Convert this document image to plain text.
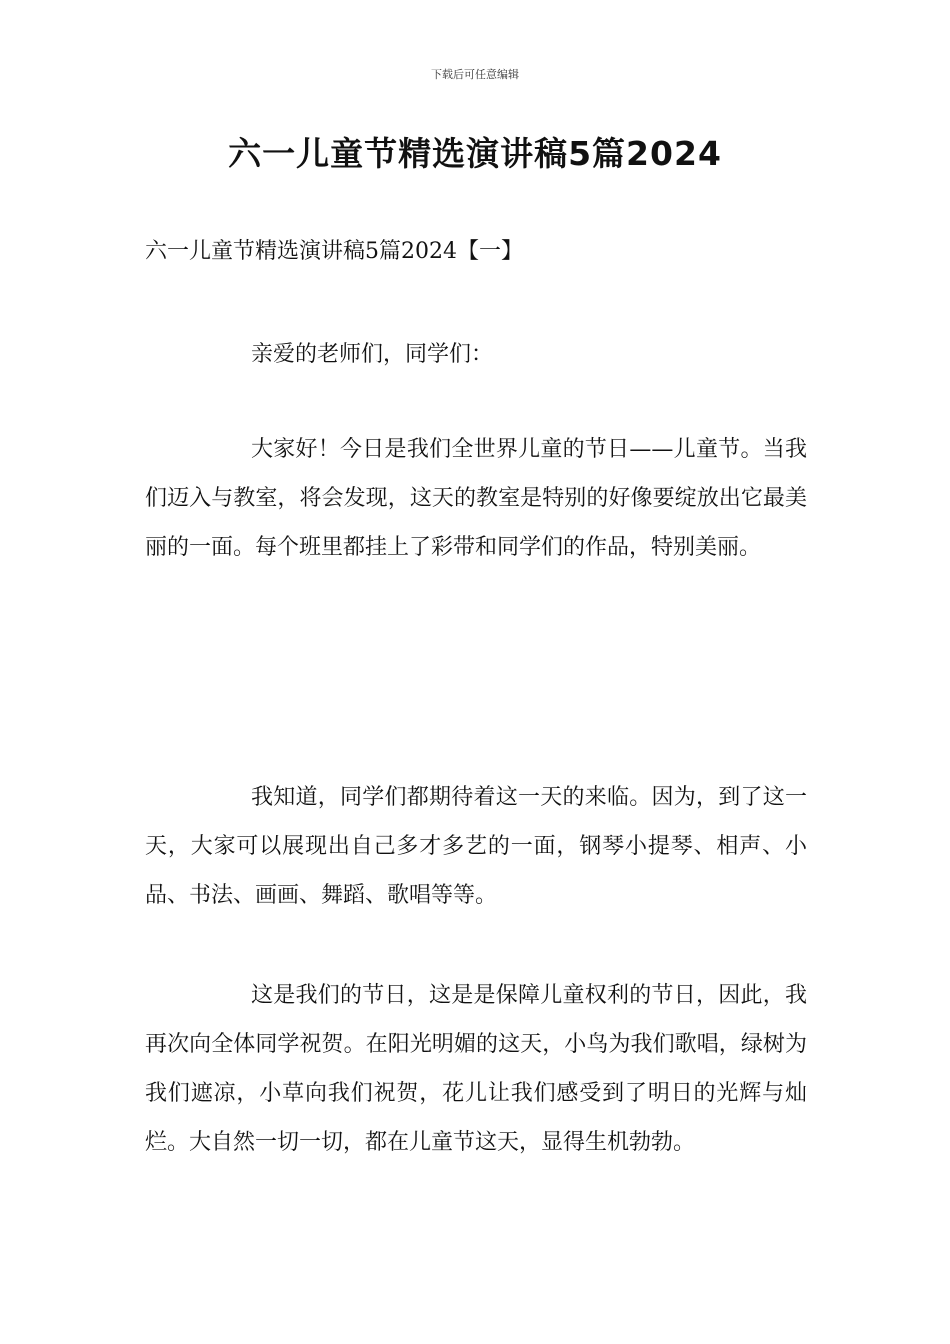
下载后可任意编辑
六一儿童节精选演讲稿5篇2024
六一儿童节精选演讲稿5篇2024【一】

亲爱的老师们，同学们：

大家好！今日是我们全世界儿童的节日——儿童节。当我们迈入与教室，将会发现，这天的教室是特别的好像要绽放出它最美丽的一面。每个班里都挂上了彩带和同学们的作品，特别美丽。

我知道，同学们都期待着这一天的来临。因为，到了这一天，大家可以展现出自己多才多艺的一面，钢琴小提琴、相声、小品、书法、画画、舞蹈、歌唱等等。

这是我们的节日，这是是保障儿童权利的节日，因此，我再次向全体同学祝贺。在阳光明媚的这天，小鸟为我们歌唱，绿树为我们遮凉，小草向我们祝贺，花儿让我们感受到了明日的光辉与灿烂。大自然一切一切，都在儿童节这天，显得生机勃勃。
